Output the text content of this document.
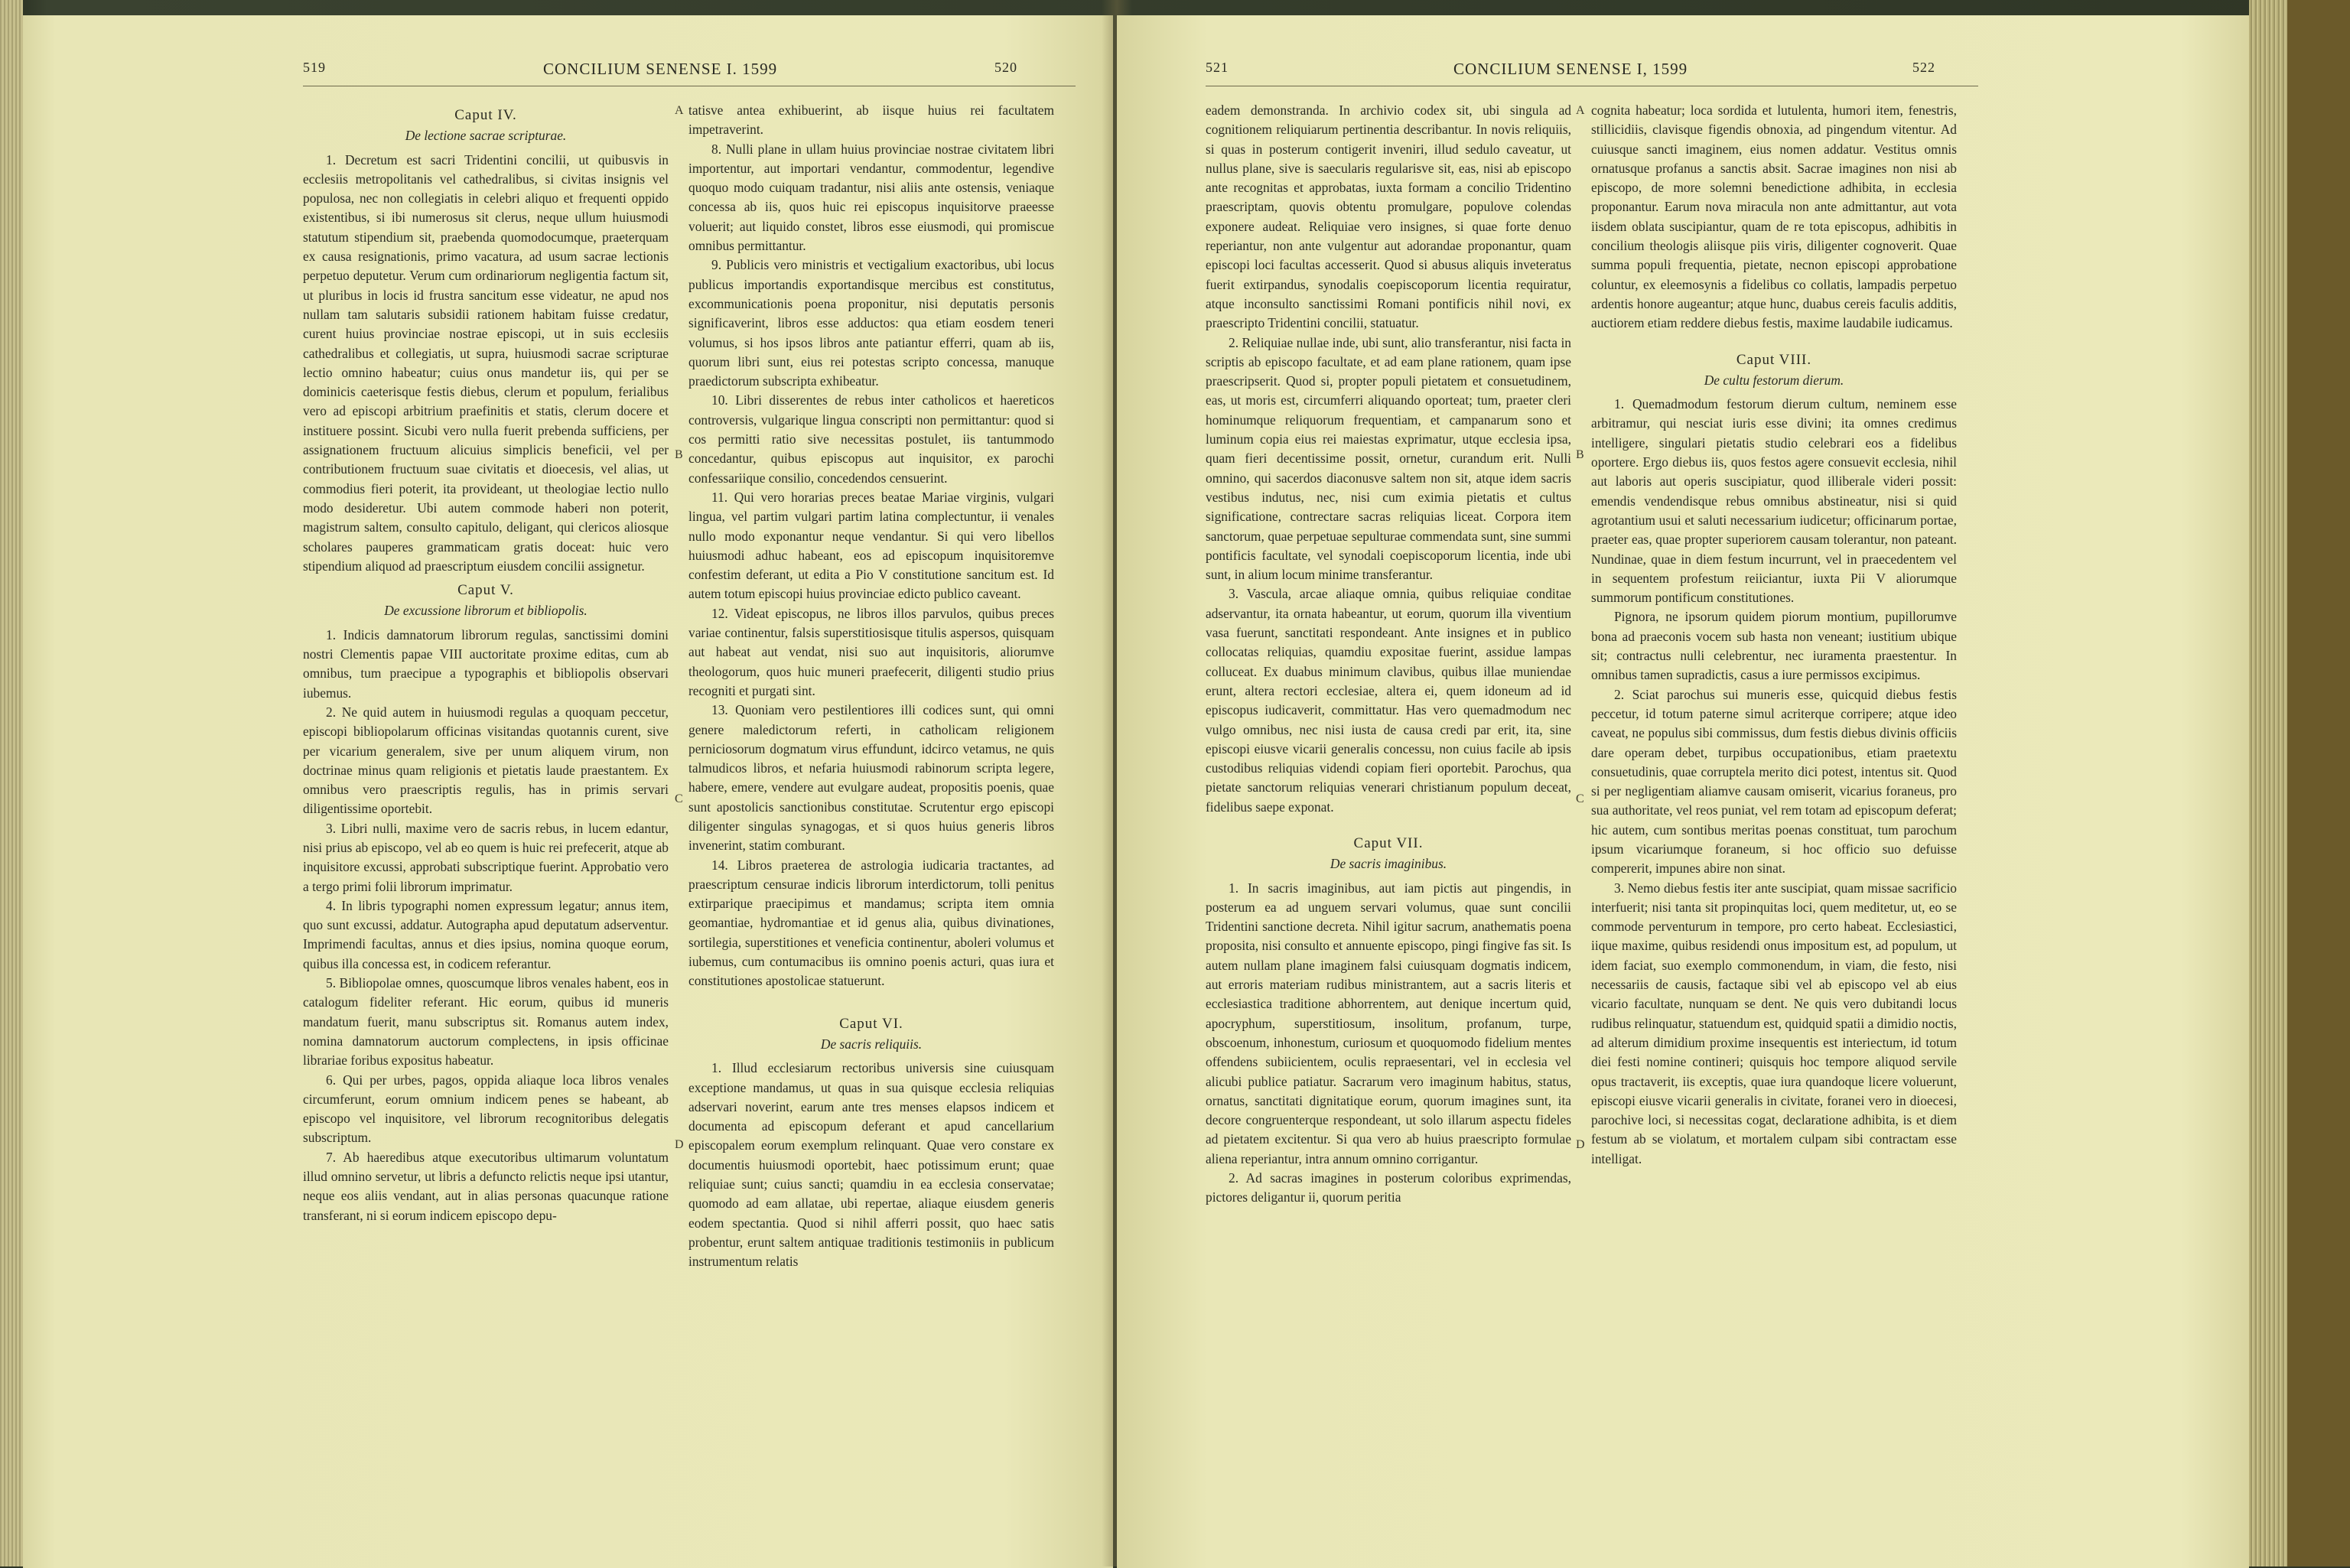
519	CONCILIUM SENENSE I. 1599	520
Caput IV.
De lectione sacrae scripturae.

1. Decretum est sacri Tridentini concilii, ut quibusvis in ecclesiis metropolitanis vel cathedralibus, si civitas insignis vel populosa, nec non collegiatis in celebri aliquo et frequenti oppido existentibus, si ibi numerosus sit clerus, neque ullum huiusmodi statutum stipendium sit, praebenda quomodocumque, praeterquam ex causa resignationis, primo vacatura, ad usum sacrae lectionis perpetuo deputetur. Verum cum ordinariorum negligentia factum sit, ut pluribus in locis id frustra sancitum esse videatur, ne apud nos nullam tam salutaris subsidii rationem habitam fuisse credatur, curent huius provinciae nostrae episcopi, ut in suis ecclesiis cathedralibus et collegiatis, ut supra, huiusmodi sacrae scripturae lectio omnino habeatur; cuius onus mandetur iis, qui per se dominicis caeterisque festis diebus, clerum et populum, ferialibus vero ad episcopi arbitrium praefinitis et statis, clerum docere et instituere possint. Sicubi vero nulla fuerit prebenda sufficiens, per assignationem fructuum alicuius simplicis beneficii, vel per contributionem fructuum suae civitatis et dioecesis, vel alias, ut commodius fieri poterit, ita provideant, ut theologiae lectio nullo modo desideretur. Ubi autem commode haberi non poterit, magistrum saltem, consulto capitulo, deligant, qui clericos aliosque scholares pauperes grammaticam gratis doceat: huic vero stipendium aliquod ad praescriptum eiusdem concilii assignetur.

Caput V.
De excussione librorum et bibliopolis.

1. Indicis damnatorum librorum regulas, sanctissimi domini nostri Clementis papae VIII auctoritate proxime editas, cum ab omnibus, tum praecipue a typographis et bibliopolis observari iubemus.

2. Ne quid autem in huiusmodi regulas a quoquam peccetur, episcopi bibliopolarum officinas visitandas quotannis curent, sive per vicarium generalem, sive per unum aliquem virum, non doctrinae minus quam religionis et pietatis laude praestantem. Ex omnibus vero praescriptis regulis, has in primis servari diligentissime oportebit.

3. Libri nulli, maxime vero de sacris rebus, in lucem edantur, nisi prius ab episcopo, vel ab eo quem is huic rei prefecerit, atque ab inquisitore excussi, approbati subscriptique fuerint. Approbatio vero a tergo primi folii librorum imprimatur.

4. In libris typographi nomen expressum legatur; annus item, quo sunt excussi, addatur. Autographa apud deputatum adserventur. Imprimendi facultas, annus et dies ipsius, nomina quoque eorum, quibus illa concessa est, in codicem referantur.

5. Bibliopolae omnes, quoscumque libros venales habent, eos in catalogum fideliter referant. Hic eorum, quibus id muneris mandatum fuerit, manu subscriptus sit. Romanus autem index, nomina damnatorum auctorum complectens, in ipsis officinae librariae foribus expositus habeatur.

6. Qui per urbes, pagos, oppida aliaque loca libros venales circumferunt, eorum omnium indicem penes se habeant, ab episcopo vel inquisitore, vel librorum recognitoribus delegatis subscriptum.

7. Ab haeredibus atque executoribus ultimarum voluntatum illud omnino servetur, ut libris a defuncto relictis neque ipsi utantur, neque eos aliis vendant, aut in alias personas quacunque ratione transferant, ni si eorum indicem episcopo depu-

A
B
C
D

tatisve antea exhibuerint, ab iisque huius rei facultatem impetraverint.

8. Nulli plane in ullam huius provinciae nostrae civitatem libri importentur, aut importari vendantur, commodentur, legendive quoquo modo cuiquam tradantur, nisi aliis ante ostensis, veniaque concessa ab iis, quos huic rei episcopus inquisitorve praeesse voluerit; aut liquido constet, libros esse eiusmodi, qui promiscue omnibus permittantur.

9. Publicis vero ministris et vectigalium exactoribus, ubi locus publicus importandis exportandisque mercibus est constitutus, excommunicationis poena proponitur, nisi deputatis personis significaverint, libros esse adductos: qua etiam eosdem teneri volumus, si hos ipsos libros ante patiantur efferri, quam ab iis, quorum libri sunt, eius rei potestas scripto concessa, manuque praedictorum subscripta exhibeatur.

10. Libri disserentes de rebus inter catholicos et haereticos controversis, vulgarique lingua conscripti non permittantur: quod si cos permitti ratio sive necessitas postulet, iis tantummodo concedantur, quibus episcopus aut inquisitor, ex parochi confessariique consilio, concedendos censuerint.

11. Qui vero horarias preces beatae Mariae virginis, vulgari lingua, vel partim vulgari partim latina complectuntur, ii venales nullo modo exponantur neque vendantur. Si qui vero libellos huiusmodi adhuc habeant, eos ad episcopum inquisitoremve confestim deferant, ut edita a Pio V constitutione sancitum est. Id autem totum episcopi huius provinciae edicto publico caveant.

12. Videat episcopus, ne libros illos parvulos, quibus preces variae continentur, falsis superstitiosisque titulis aspersos, quisquam aut habeat aut vendat, nisi suo aut inquisitoris, aliorumve theologorum, quos huic muneri praefecerit, diligenti studio prius recogniti et purgati sint.

13. Quoniam vero pestilentiores illi codices sunt, qui omni genere maledictorum referti, in catholicam religionem perniciosorum dogmatum virus effundunt, idcirco vetamus, ne quis talmudicos libros, et nefaria huiusmodi rabinorum scripta legere, habere, emere, vendere aut evulgare audeat, propositis poenis, quae sunt apostolicis sanctionibus constitutae. Scrutentur ergo episcopi diligenter singulas synagogas, et si quos huius generis libros invenerint, statim comburant.

14. Libros praeterea de astrologia iudicaria tractantes, ad praescriptum censurae indicis librorum interdictorum, tolli penitus extirparique praecipimus et mandamus; scripta item omnia geomantiae, hydromantiae et id genus alia, quibus divinationes, sortilegia, superstitiones et veneficia continentur, aboleri volumus et iubemus, cum contumacibus iis omnino poenis acturi, quas iura et constitutiones apostolicae statuerunt.

Caput VI.
De sacris reliquiis.

1. Illud ecclesiarum rectoribus universis sine cuiusquam exceptione mandamus, ut quas in sua quisque ecclesia reliquias adservari noverint, earum ante tres menses elapsos indicem et documenta ad episcopum deferant et apud cancellarium episcopalem eorum exemplum relinquant. Quae vero constare ex documentis huiusmodi oportebit, haec potissimum erunt; quae reliquiae sunt; cuius sancti; quamdiu in ea ecclesia conservatae; quomodo ad eam allatae, ubi repertae, aliaque eiusdem generis eodem spectantia. Quod si nihil afferri possit, quo haec satis probentur, erunt saltem antiquae traditionis testimoniis in publicum instrumentum relatis

521	CONCILIUM SENENSE I, 1599	522

eadem demonstranda. In archivio codex sit, ubi singula ad cognitionem reliquiarum pertinentia describantur. In novis reliquiis, si quas in posterum contigerit inveniri, illud sedulo caveatur, ut nullus plane, sive is saecularis regularisve sit, eas, nisi ab episcopo ante recognitas et approbatas, iuxta formam a concilio Tridentino praescriptam, quovis obtentu promulgare, populove colendas exponere audeat. Reliquiae vero insignes, si quae forte denuo reperiantur, non ante vulgentur aut adorandae proponantur, quam episcopi loci facultas accesserit. Quod si abusus aliquis inveteratus fuerit extirpandus, synodalis coepiscoporum licentia requiratur, atque inconsulto sanctissimi Romani pontificis nihil novi, ex praescripto Tridentini concilii, statuatur.

2. Reliquiae nullae inde, ubi sunt, alio transferantur, nisi facta in scriptis ab episcopo facultate, et ad eam plane rationem, quam ipse praescripserit. Quod si, propter populi pietatem et consuetudinem, eas, ut moris est, circumferri aliquando oporteat; tum, praeter cleri hominumque reliquorum frequentiam, et campanarum sono et luminum copia eius rei maiestas exprimatur, utque ecclesia ipsa, quam fieri decentissime possit, ornetur, curandum erit. Nulli omnino, qui sacerdos diaconusve saltem non sit, atque idem sacris vestibus indutus, nec, nisi cum eximia pietatis et cultus significatione, contrectare sacras reliquias liceat. Corpora item sanctorum, quae perpetuae sepulturae commendata sunt, sine summi pontificis facultate, vel synodali coepiscoporum licentia, inde ubi sunt, in alium locum minime transferantur.

3. Vascula, arcae aliaque omnia, quibus reliquiae conditae adservantur, ita ornata habeantur, ut eorum, quorum illa viventium vasa fuerunt, sanctitati respondeant. Ante insignes et in publico collocatas reliquias, quamdiu expositae fuerint, assidue lampas colluceat. Ex duabus minimum clavibus, quibus illae muniendae erunt, altera rectori ecclesiae, altera ei, quem idoneum ad id episcopus iudicaverit, committatur. Has vero quemadmodum nec vulgo omnibus, nec nisi iusta de causa credi par erit, ita, sine episcopi eiusve vicarii generalis concessu, non cuius facile ab ipsis custodibus reliquias videndi copiam fieri oportebit. Parochus, qua pietate sanctorum reliquias venerari christianum populum deceat, fidelibus saepe exponat.

Caput VII.
De sacris imaginibus.

1. In sacris imaginibus, aut iam pictis aut pingendis, in posterum ea ad unguem servari volumus, quae sunt concilii Tridentini sanctione decreta. Nihil igitur sacrum, anathematis poena proposita, nisi consulto et annuente episcopo, pingi fingive fas sit. Is autem nullam plane imaginem falsi cuiusquam dogmatis indicem, aut erroris materiam rudibus ministrantem, aut a sacris literis et ecclesiastica traditione abhorrentem, aut denique incertum quid, apocryphum, superstitiosum, insolitum, profanum, turpe, obscoenum, inhonestum, curiosum et quoquomodo fidelium mentes offendens subiicientem, oculis repraesentari, vel in ecclesia vel alicubi publice patiatur. Sacrarum vero imaginum habitus, status, ornatus, sanctitati dignitatique eorum, quorum imagines sunt, ita decore congruenterque respondeant, ut solo illarum aspectu fideles ad pietatem excitentur. Si qua vero ab huius praescripto formulae aliena reperiantur, intra annum omnino corrigantur.

2. Ad sacras imagines in posterum coloribus exprimendas, pictores deligantur ii, quorum peritia

A
B
C
D

cognita habeatur; loca sordida et lutulenta, humori item, fenestris, stillicidiis, clavisque figendis obnoxia, ad pingendum vitentur. Ad cuiusque sancti imaginem, eius nomen addatur. Vestitus omnis ornatusque profanus a sanctis absit. Sacrae imagines non nisi ab episcopo, de more solemni benedictione adhibita, in ecclesia proponantur. Earum nova miracula non ante admittantur, aut vota iisdem oblata suscipiantur, quam de re tota episcopus, adhibitis in concilium theologis aliisque piis viris, diligenter cognoverit. Quae summa populi frequentia, pietate, necnon episcopi approbatione coluntur, ex eleemosynis a fidelibus co collatis, lampadis perpetuo ardentis honore augeantur; atque hunc, duabus cereis faculis additis, auctiorem etiam reddere diebus festis, maxime laudabile iudicamus.

Caput VIII.
De cultu festorum dierum.

1. Quemadmodum festorum dierum cultum, neminem esse arbitramur, qui nesciat iuris esse divini; ita omnes credimus intelligere, singulari pietatis studio celebrari eos a fidelibus oportere. Ergo diebus iis, quos festos agere consuevit ecclesia, nihil aut laboris aut operis suscipiatur, quod illiberale videri possit: emendis vendendisque rebus omnibus abstineatur, nisi si quid agrotantium usui et saluti necessarium iudicetur; officinarum portae, praeter eas, quae propter superiorem causam tolerantur, non pateant. Nundinae, quae in diem festum incurrunt, vel in praecedentem vel in sequentem profestum reiiciantur, iuxta Pii V aliorumque summorum pontificum constitutiones.

Pignora, ne ipsorum quidem piorum montium, pupillorumve bona ad praeconis vocem sub hasta non veneant; iustitium ubique sit; contractus nulli celebrentur, nec iuramenta praestentur. In omnibus tamen supradictis, casus a iure permissos excipimus.

2. Sciat parochus sui muneris esse, quicquid diebus festis peccetur, id totum paterne simul acriterque corripere; atque ideo caveat, ne populus sibi commissus, dum festis diebus divinis officiis dare operam debet, turpibus occupationibus, etiam praetextu consuetudinis, quae corruptela merito dici potest, intentus sit. Quod si per negligentiam aliamve causam omiserit, vicarius foraneus, pro sua authoritate, vel reos puniat, vel rem totam ad episcopum deferat; hic autem, cum sontibus meritas poenas constituat, tum parochum ipsum vicariumque foraneum, si hoc officio suo defuisse compererit, impunes abire non sinat.

3. Nemo diebus festis iter ante suscipiat, quam missae sacrificio interfuerit; nisi tanta sit propinquitas loci, quem meditetur, ut, eo se commode perventurum in tempore, pro certo habeat. Ecclesiastici, iique maxime, quibus residendi onus impositum est, ad populum, ut idem faciat, suo exemplo commonendum, in viam, die festo, nisi necessariis de causis, factaque sibi vel ab episcopo vel ab eius vicario facultate, nunquam se dent. Ne quis vero dubitandi locus rudibus relinquatur, statuendum est, quidquid spatii a dimidio noctis, ad alterum dimidium proxime insequentis est interiectum, id totum diei festi nomine contineri; quisquis hoc tempore aliquod servile opus tractaverit, iis exceptis, quae iura quandoque licere voluerunt, episcopi eiusve vicarii generalis in civitate, foranei vero in dioecesi, parochive loci, si necessitas cogat, declaratione adhibita, is et diem festum ab se violatum, et mortalem culpam sibi contractam esse intelligat.
